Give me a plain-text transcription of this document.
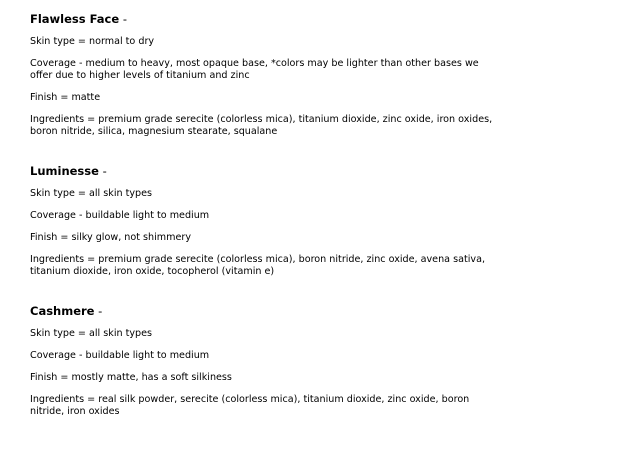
Flawless Face -

Skin type = normal to dry

Coverage - medium to heavy, most opaque base, *colors may be lighter than other bases we offer due to higher levels of titanium and zinc

Finish = matte

Ingredients = premium grade serecite (colorless mica), titanium dioxide, zinc oxide, iron oxides, boron nitride, silica, magnesium stearate, squalane

Luminesse -

Skin type = all skin types

Coverage - buildable light to medium

Finish = silky glow, not shimmery

Ingredients = premium grade serecite (colorless mica), boron nitride, zinc oxide, avena sativa, titanium dioxide, iron oxide, tocopherol (vitamin e)

Cashmere -

Skin type = all skin types

Coverage - buildable light to medium

Finish = mostly matte, has a soft silkiness

Ingredients = real silk powder, serecite (colorless mica), titanium dioxide, zinc oxide, boron nitride, iron oxides
